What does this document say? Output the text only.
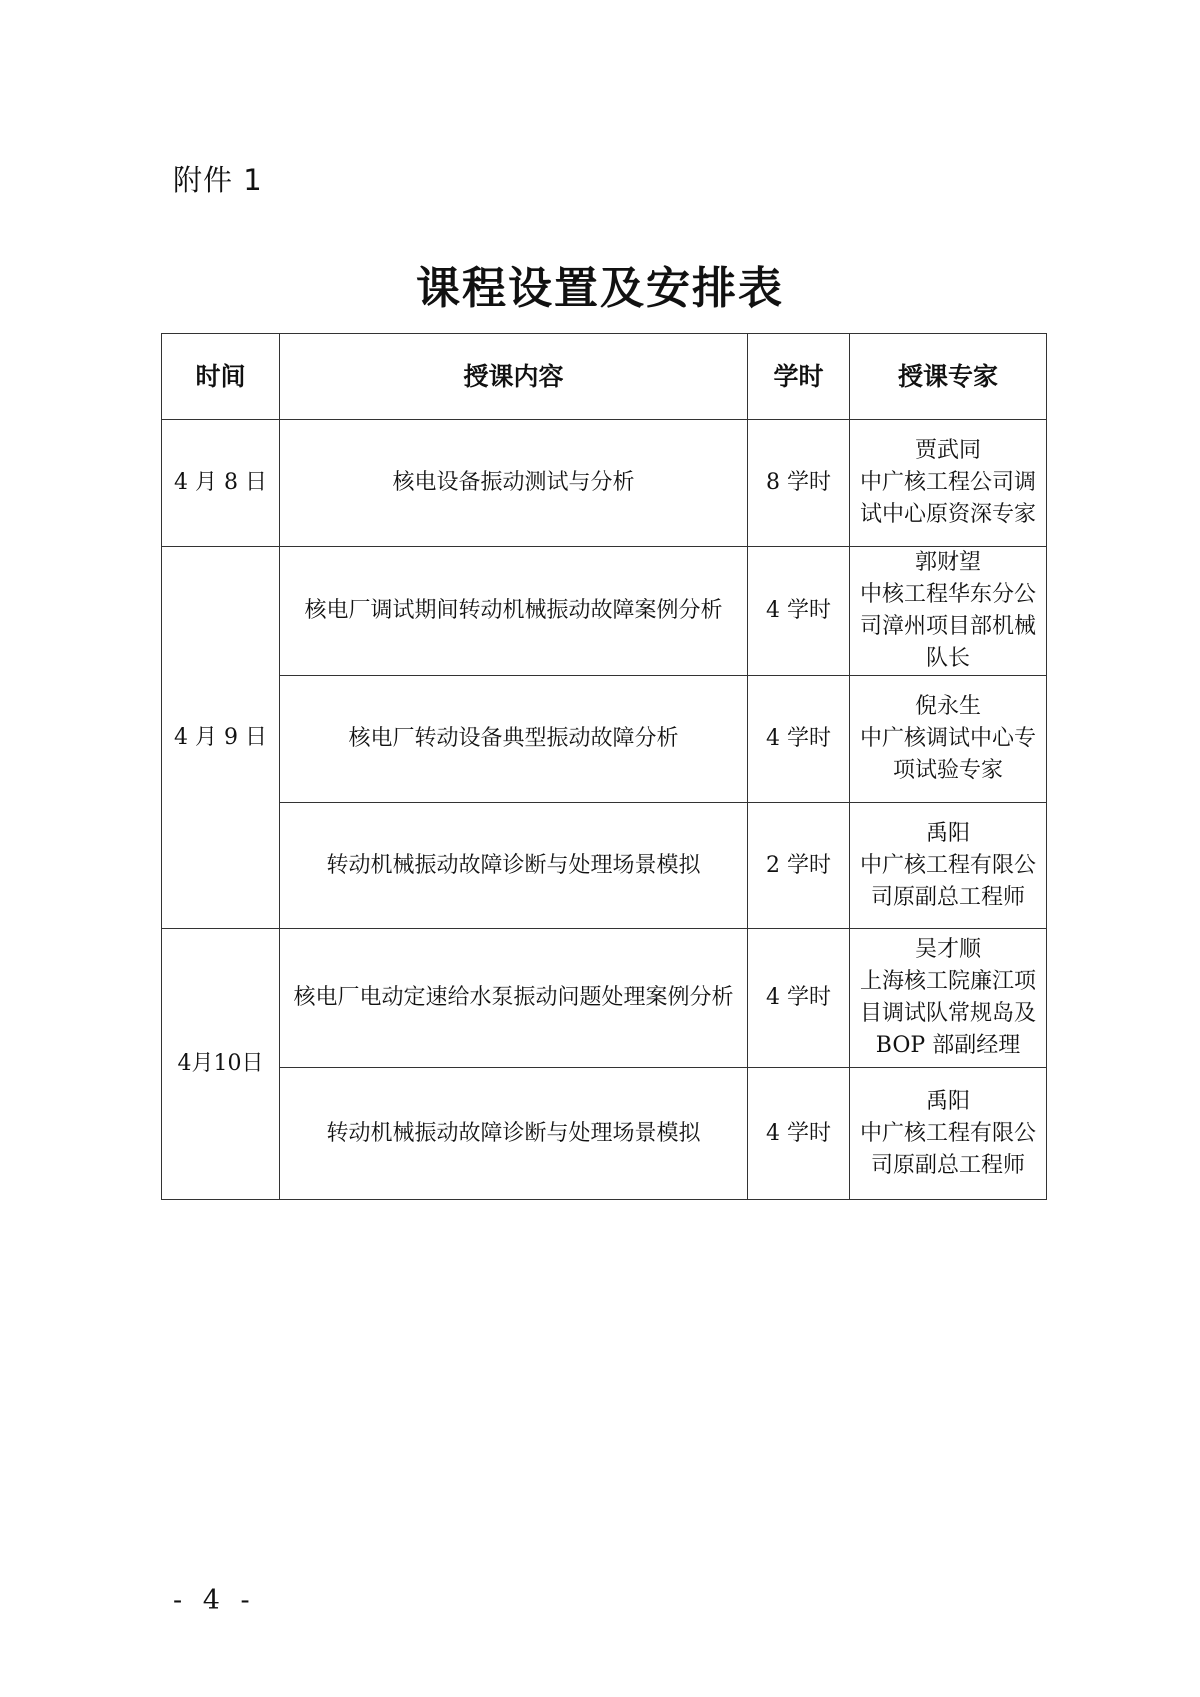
附件 1
课程设置及安排表
时间	授课内容	学时	授课专家
4 月 8 日	核电设备振动测试与分析	8 学时	贾武同
中广核工程公司调试中心原资深专家

4 月 9 日	核电厂调试期间转动机械振动故障案例分析	4 学时	郭财望
中核工程华东分公司漳州项目部机械队长

	核电厂转动设备典型振动故障分析	4 学时	倪永生
中广核调试中心专项试验专家

	转动机械振动故障诊断与处理场景模拟	2 学时	禹阳
中广核工程有限公司原副总工程师

4月10日	核电厂电动定速给水泵振动问题处理案例分析	4 学时	吴才顺
上海核工院廉江项目调试队常规岛及 BOP 部副经理

	转动机械振动故障诊断与处理场景模拟	4 学时	禹阳
中广核工程有限公司原副总工程师
- 4 -
